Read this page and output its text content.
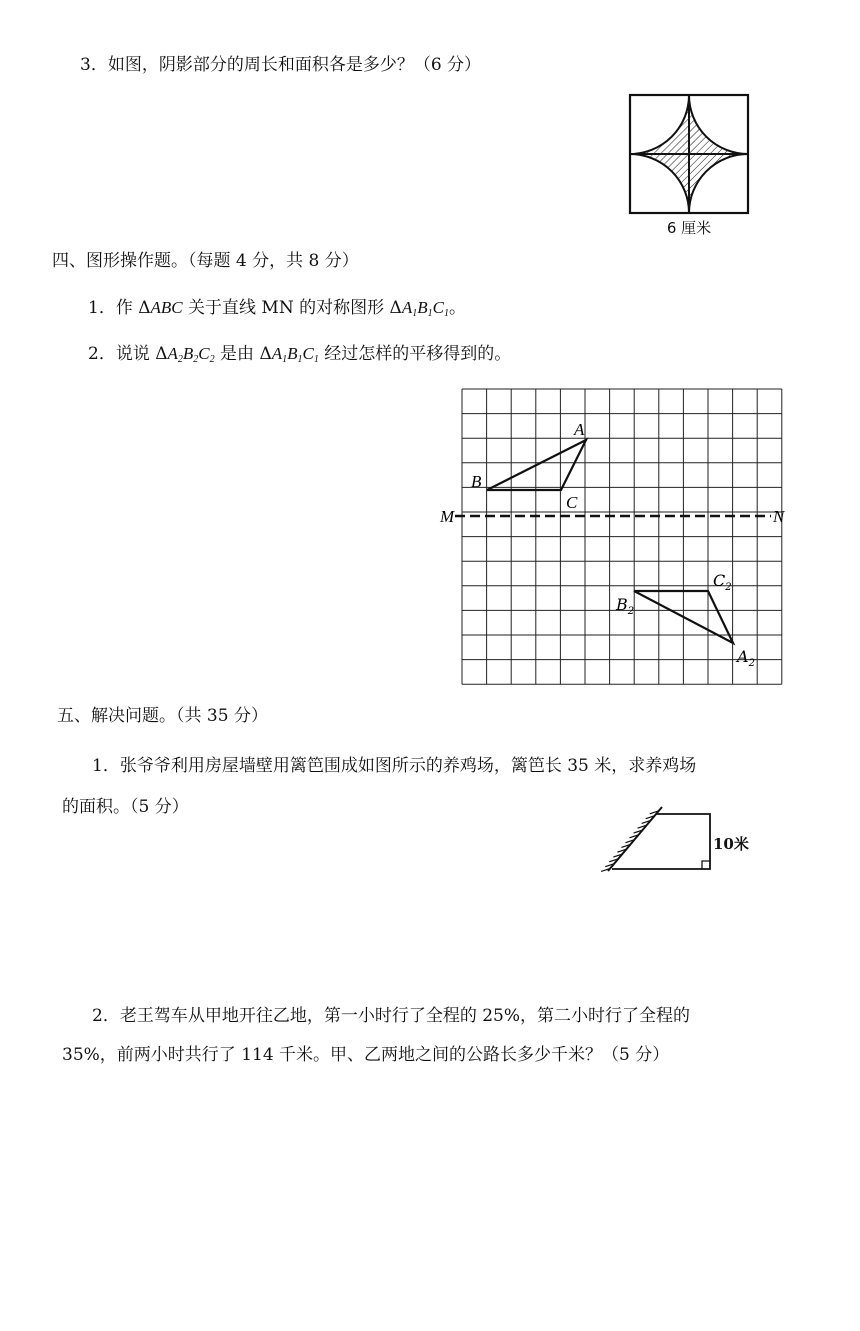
3．如图，阴影部分的周长和面积各是多少？（6 分）
6 厘米
四、图形操作题。（每题 4 分，共 8 分）
1．作 ΔABC 关于直线 MN 的对称图形 $\Delta A_1B_1C_1$。
2．说说 $\Delta A_2B_2C_2$ 是由 $\Delta A_1B_1C_1$ 经过怎样的平移得到的。
A
B
C
M	N
$C_2$
$B_2$
$A_2$
五、解决问题。（共 35 分）
1．张爷爷利用房屋墙壁用篱笆围成如图所示的养鸡场，篱笆长 35 米，求养鸡场
的面积。（5 分）
10米
2．老王驾车从甲地开往乙地，第一小时行了全程的 25%，第二小时行了全程的
35%，前两小时共行了 114 千米。甲、乙两地之间的公路长多少千米？（5 分）
